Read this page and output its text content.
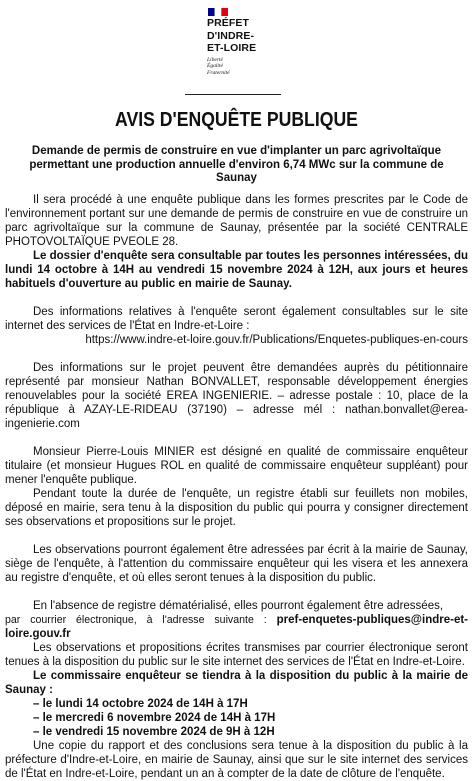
PRÉFET
D'INDRE-
ET-LOIRE
Liberté
Égalité
Fraternité
AVIS D'ENQUÊTE PUBLIQUE
Demande de permis de construire en vue d'implanter un parc agrivoltaïque permettant une production annuelle d'environ 6,74 MWc sur la commune de Saunay

Il sera procédé à une enquête publique dans les formes prescrites par le Code de l'environnement portant sur une demande de permis de construire en vue de construire un parc agrivoltaïque sur la commune de Saunay, présentée par la société CENTRALE PHOTOVOLTAÏQUE PVEOLE 28.

Le dossier d'enquête sera consultable par toutes les personnes intéressées, du lundi 14 octobre à 14H au vendredi 15 novembre 2024 à 12H, aux jours et heures habituels d'ouverture au public en mairie de Saunay.

Des informations relatives à l'enquête seront également consultables sur le site internet des services de l'État en Indre-et-Loire :

https://www.indre-et-loire.gouv.fr/Publications/Enquetes-publiques-en-cours

Des informations sur le projet peuvent être demandées auprès du pétitionnaire représenté par monsieur Nathan BONVALLET, responsable développement énergies renouvelables pour la société EREA INGENIERIE. – adresse postale : 10, place de la république à AZAY-LE-RIDEAU (37190) – adresse mél : nathan.bonvallet@erea-ingenierie.com

Monsieur Pierre-Louis MINIER est désigné en qualité de commissaire enquêteur titulaire (et monsieur Hugues ROL en qualité de commissaire enquêteur suppléant) pour mener l'enquête publique.

Pendant toute la durée de l'enquête, un registre établi sur feuillets non mobiles, déposé en mairie, sera tenu à la disposition du public qui pourra y consigner directement ses observations et propositions sur le projet.

Les observations pourront également être adressées par écrit à la mairie de Saunay, siège de l'enquête, à l'attention du commissaire enquêteur qui les visera et les annexera au registre d'enquête, et où elles seront tenues à la disposition du public.

En l'absence de registre dématérialisé, elles pourront également être adressées,

par courrier électronique, à l'adresse suivante : pref-enquetes-publiques@indre-et-loire.gouv.fr

Les observations et propositions écrites transmises par courrier électronique seront tenues à la disposition du public sur le site internet des services de l'État en Indre-et-Loire.

Le commissaire enquêteur se tiendra à la disposition du public à la mairie de Saunay :

– le lundi 14 octobre 2024 de 14H à 17H
– le mercredi 6 novembre 2024 de 14H à 17H
– le vendredi 15 novembre 2024 de 9H à 12H

Une copie du rapport et des conclusions sera tenue à la disposition du public à la préfecture d'Indre-et-Loire, en mairie de Saunay, ainsi que sur le site internet des services de l'État en Indre-et-Loire, pendant un an à compter de la date de clôture de l'enquête.
